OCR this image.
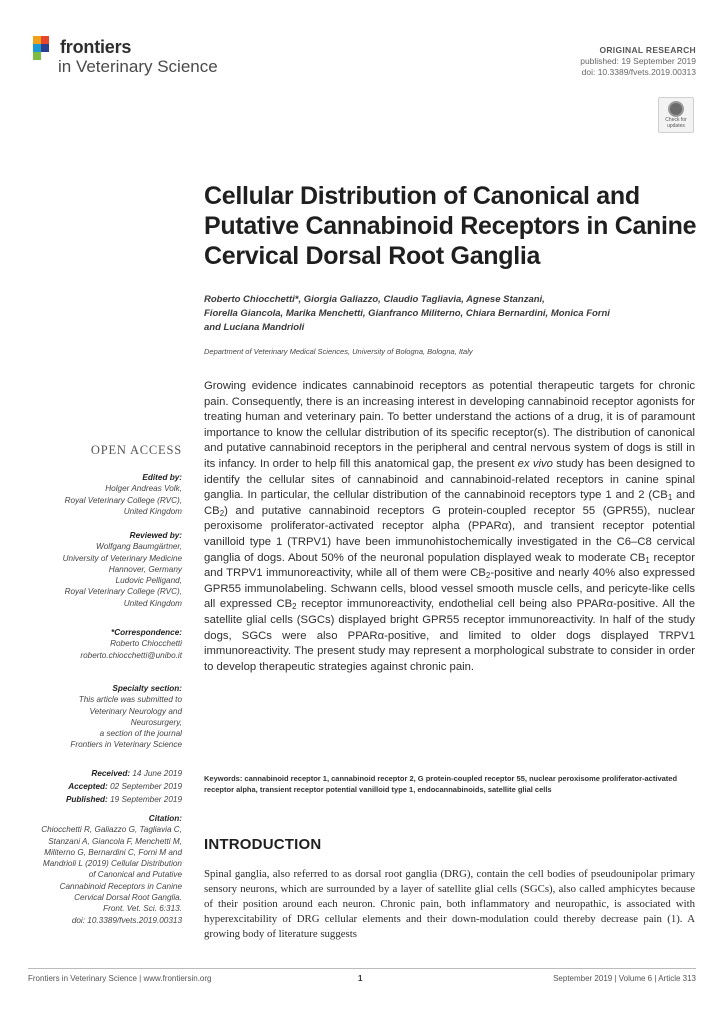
frontiers
in Veterinary Science
ORIGINAL RESEARCH
published: 19 September 2019
doi: 10.3389/fvets.2019.00313
Check for
updates
Cellular Distribution of Canonical and Putative Cannabinoid Receptors in Canine Cervical Dorsal Root Ganglia
Roberto Chiocchetti*, Giorgia Galiazzo, Claudio Tagliavia, Agnese Stanzani,
Fiorella Giancola, Marika Menchetti, Gianfranco Militerno, Chiara Bernardini, Monica Forni
and Luciana Mandrioli
Department of Veterinary Medical Sciences, University of Bologna, Bologna, Italy
Growing evidence indicates cannabinoid receptors as potential therapeutic targets for chronic pain. Consequently, there is an increasing interest in developing cannabinoid receptor agonists for treating human and veterinary pain. To better understand the actions of a drug, it is of paramount importance to know the cellular distribution of its specific receptor(s). The distribution of canonical and putative cannabinoid receptors in the peripheral and central nervous system of dogs is still in its infancy. In order to help fill this anatomical gap, the present ex vivo study has been designed to identify the cellular sites of cannabinoid and cannabinoid-related receptors in canine spinal ganglia. In particular, the cellular distribution of the cannabinoid receptors type 1 and 2 ($CB_1$ and $CB_2$) and putative cannabinoid receptors G protein-coupled receptor 55 (GPR55), nuclear peroxisome proliferator-activated receptor alpha (PPARα), and transient receptor potential vanilloid type 1 (TRPV1) have been immunohistochemically investigated in the C6–C8 cervical ganglia of dogs. About 50% of the neuronal population displayed weak to moderate $CB_1$ receptor and TRPV1 immunoreactivity, while all of them were $CB_2$-positive and nearly 40% also expressed GPR55 immunolabeling. Schwann cells, blood vessel smooth muscle cells, and pericyte-like cells all expressed $CB_2$ receptor immunoreactivity, endothelial cell being also PPARα-positive. All the satellite glial cells (SGCs) displayed bright GPR55 receptor immunoreactivity. In half of the study dogs, SGCs were also PPARα-positive, and limited to older dogs displayed TRPV1 immunoreactivity. The present study may represent a morphological substrate to consider in order to develop therapeutic strategies against chronic pain.
Keywords: cannabinoid receptor 1, cannabinoid receptor 2, G protein-coupled receptor 55, nuclear peroxisome proliferator-activated receptor alpha, transient receptor potential vanilloid type 1, endocannabinoids, satellite glial cells
OPEN ACCESS
Edited by:
Holger Andreas Volk,
Royal Veterinary College (RVC),
United Kingdom
Reviewed by:
Wolfgang Baumgärtner,
University of Veterinary Medicine
Hannover, Germany
Ludovic Pelligand,
Royal Veterinary College (RVC),
United Kingdom
*Correspondence:
Roberto Chiocchetti
roberto.chiocchetti@unibo.it
Specialty section:
This article was submitted to
Veterinary Neurology and
Neurosurgery,
a section of the journal
Frontiers in Veterinary Science
Received: 14 June 2019
Accepted: 02 September 2019
Published: 19 September 2019
Citation:
Chiocchetti R, Galiazzo G, Tagliavia C,
Stanzani A, Giancola F, Menchetti M,
Militerno G, Bernardini C, Forni M and
Mandrioli L (2019) Cellular Distribution
of Canonical and Putative
Cannabinoid Receptors in Canine
Cervical Dorsal Root Ganglia.
Front. Vet. Sci. 6:313.
doi: 10.3389/fvets.2019.00313
INTRODUCTION
Spinal ganglia, also referred to as dorsal root ganglia (DRG), contain the cell bodies of pseudounipolar primary sensory neurons, which are surrounded by a layer of satellite glial cells (SGCs), also called amphicytes because of their position around each neuron. Chronic pain, both inflammatory and neuropathic, is associated with hyperexcitability of DRG cellular elements and their down-modulation could thereby decrease pain (1). A growing body of literature suggests
Frontiers in Veterinary Science | www.frontiersin.org	1	September 2019 | Volume 6 | Article 313
